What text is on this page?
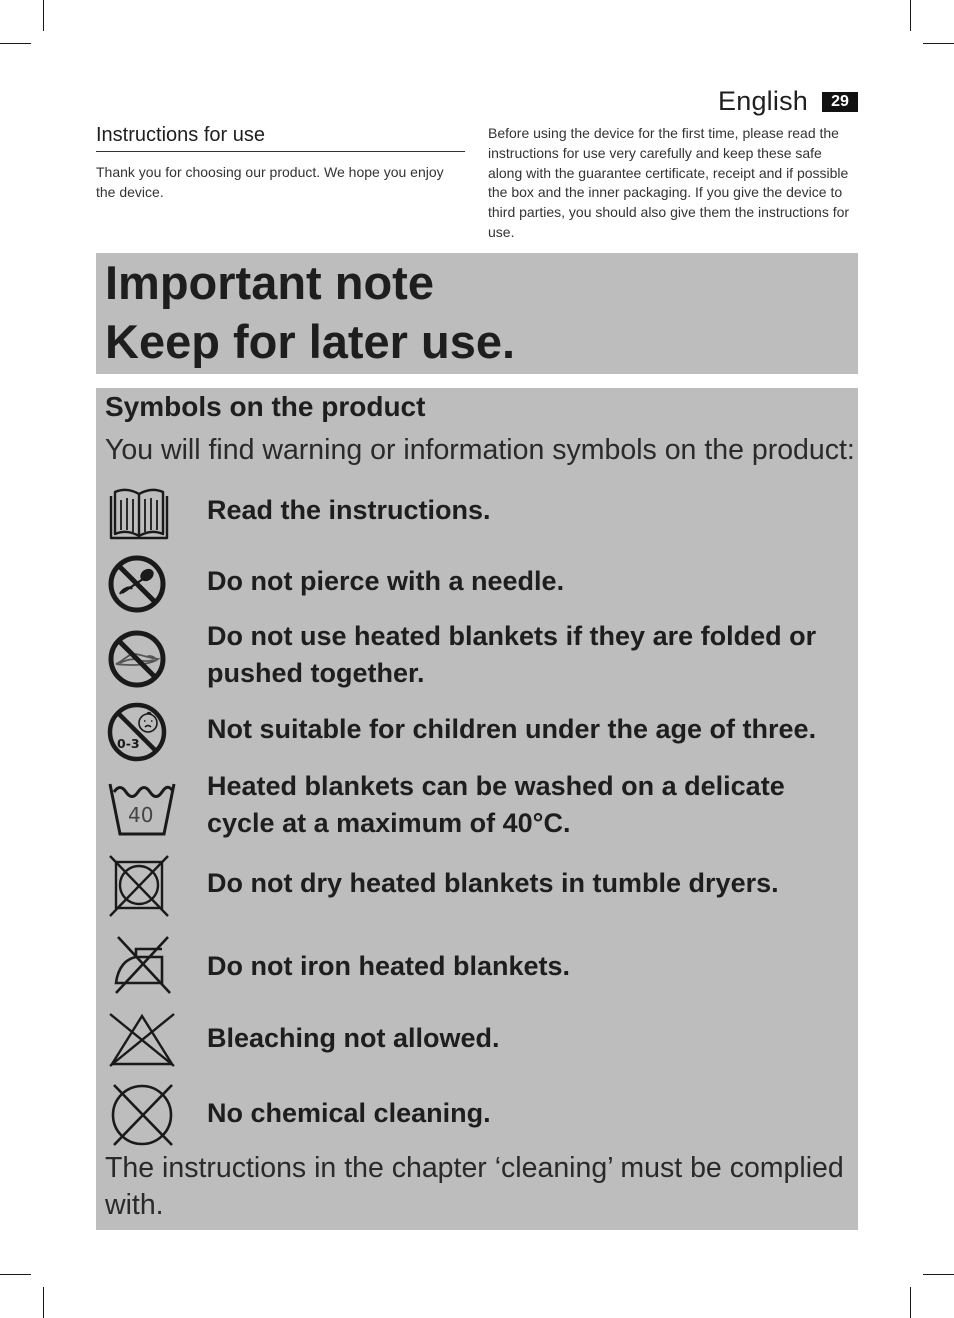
English	29
Instructions for use

Thank you for choosing our product. We hope you enjoy the device.

Before using the device for the first time, please read the instructions for use very carefully and keep these safe along with the guarantee certificate, receipt and if possible the box and the inner packaging. If you give the device to third parties, you should also give them the instructions for use.

Important note
Keep for later use.
Symbols on the product
You will find warning or information symbols on the product:
Read the instructions.
Do not pierce with a needle.
Do not use heated blankets if they are folded or pushed together.
0-3 Not suitable for children under the age of three.
40
Heated blankets can be washed on a delicate cycle at a maximum of 40°C.
Do not dry heated blankets in tumble dryers.
Do not iron heated blankets.
Bleaching not allowed.
No chemical cleaning.
The instructions in the chapter ‘cleaning’ must be complied with.
